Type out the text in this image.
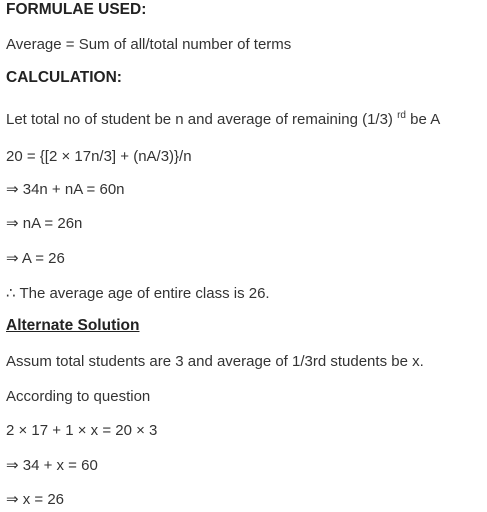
FORMULAE USED:
Average = Sum of all/total number of terms
CALCULATION:
Let total no of student be n and average of remaining (1/3) $^{rd}$ be A
20 = {[2 × 17n/3] + (nA/3)}/n
⇒ 34n + nA = 60n
⇒ nA = 26n
⇒ A = 26
∴ The average age of entire class is 26.
Alternate Solution
Assum total students are 3 and average of 1/3rd students be x.
According to question
2 × 17 + 1 × x = 20 × 3
⇒ 34 + x = 60
⇒ x = 26
